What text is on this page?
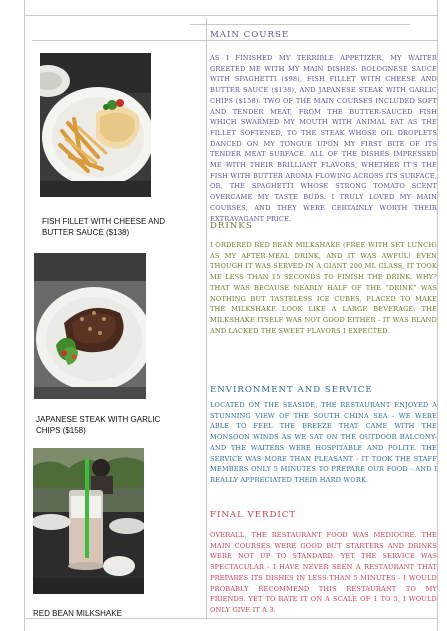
FISH FILLET WITH CHEESE AND BUTTER SAUCE ($138)
JAPANESE STEAK WITH GARLIC CHIPS ($158)
RED BEAN MILKSHAKE
MAIN COURSE

AS I FINISHED MY TERRIBLE APPETIZER, MY WAITER GREETED ME WITH MY MAIN DISHES: BOLOGNESE SAUCE WITH SPAGHETTI ($98), FISH FILLET WITH CHEESE AND BUTTER SAUCE ($138), AND JAPANESE STEAK WITH GARLIC CHIPS ($158). TWO OF THE MAIN COURSES INCLUDED SOFT AND TENDER MEAT, FROM THE BUTTER-SAUCED FISH WHICH SWARMED MY MOUTH WITH ANIMAL FAT AS THE FILLET SOFTENED, TO THE STEAK WHOSE OIL DROPLETS DANCED ON MY TONGUE UPON MY FIRST BITE OF ITS TENDER MEAT SURFACE. ALL OF THE DISHES IMPRESSED ME WITH THEIR BRILLIANT FLAVORS, WHETHER IT’S THE FISH WITH BUTTER AROMA FLOWING ACROSS ITS SURFACE, OR, THE SPAGHETTI WHOSE STRONG TOMATO SCENT OVERCAME MY TASTE BUDS. I TRULY LOVED MY MAIN COURSES, AND THEY WERE CERTAINLY WORTH THEIR EXTRAVAGANT PRICE.

DRINKS

I ORDERED RED BEAN MILKSHAKE (FREE WITH SET LUNCH) AS MY AFTER-MEAL DRINK, AND IT WAS AWFUL! EVEN THOUGH IT WAS SERVED IN A GIANT 200 ML GLASS, IT TOOK ME LESS THAN 15 SECONDS TO FINISH THE DRINK. WHY? THAT WAS BECAUSE NEARLY HALF OF THE “DRINK” WAS NOTHING BUT TASTELESS ICE CUBES, PLACED TO MAKE THE MILKSHAKE LOOK LIKE A LARGE BEVERAGE. THE MILKSHAKE ITSELF WAS NOT GOOD EITHER - IT WAS BLAND AND LACKED THE SWEET FLAVORS I EXPECTED.

ENVIRONMENT AND SERVICE

LOCATED ON THE SEASIDE, THE RESTAURANT ENJOYED A STUNNING VIEW OF THE SOUTH CHINA SEA - WE WERE ABLE TO FEEL THE BREEZE THAT CAME WITH THE MONSOON WINDS AS WE SAT ON THE OUTDOOR BALCONY- AND THE WAITERS WERE HOSPITABLE AND POLITE. THE SERVICE WAS MORE THAN PLEASANT - IT TOOK THE STAFF MEMBERS ONLY 5 MINUTES TO PREPARE OUR FOOD - AND I REALLY APPRECIATED THEIR HARD WORK.

FINAL VERDICT

OVERALL, THE RESTAURANT FOOD WAS MEDIOCRE. THE MAIN COURSES WERE GOOD BUT STARTERS AND DRINKS WERE NOT UP TO STANDARD. YET THE SERVICE WAS SPECTACULAR - I HAVE NEVER SEEN A RESTAURANT THAT PREPARES ITS DISHES IN LESS THAN 5 MINUTES - I WOULD PROBABLY RECOMMEND THIS RESTAURANT TO MY FRIENDS. YET TO RATE IT ON A SCALE OF 1 TO 5, I WOULD ONLY GIVE IT A 3.
